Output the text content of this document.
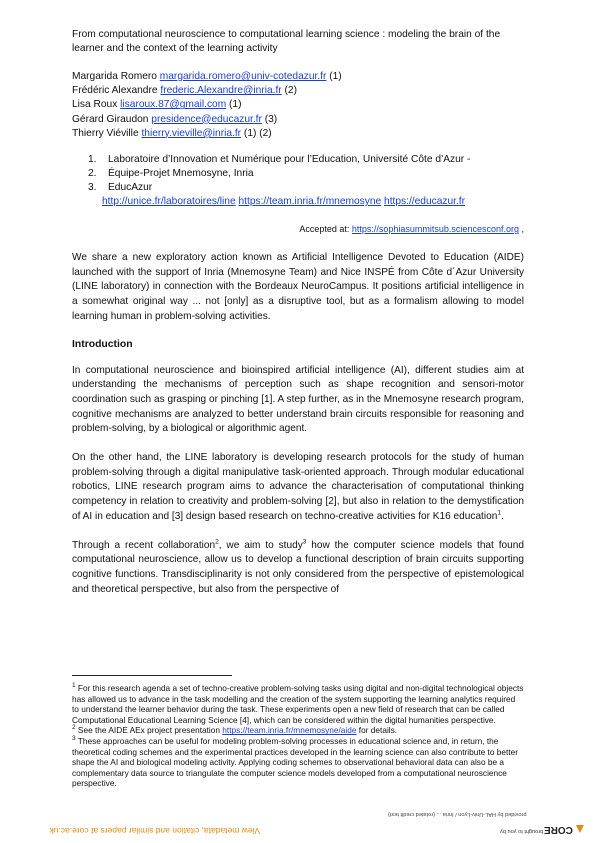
From computational neuroscience to computational learning science : modeling the brain of the learner and the context of the learning activity
Margarida Romero margarida.romero@univ-cotedazur.fr (1)
Frédéric Alexandre frederic.Alexandre@inria.fr (2)
Lisa Roux lisaroux.87@gmail.com (1)
Gérard Giraudon presidence@educazur.fr (3)
Thierry Viéville thierry.vieville@inria.fr (1) (2)
1. Laboratoire d’Innovation et Numérique pour l’Education, Université Côte d’Azur -
2. Équipe-Projet Mnemosyne, Inria
3. EducAzur
http://unice.fr/laboratoires/line https://team.inria.fr/mnemosyne https://educazur.fr
Accepted at: https://sophiasummitsub.sciencesconf.org ,

We share a new exploratory action known as Artificial Intelligence Devoted to Education (AIDE) launched with the support of Inria (Mnemosyne Team) and Nice INSPÉ from Côte d´Azur University (LINE laboratory) in connection with the Bordeaux NeuroCampus. It positions artificial intelligence in a somewhat original way ... not [only] as a disruptive tool, but as a formalism allowing to model learning human in problem-solving activities.

Introduction

In computational neuroscience and bioinspired artificial intelligence (AI), different studies aim at understanding the mechanisms of perception such as shape recognition and sensori-motor coordination such as grasping or pinching [1]. A step further, as in the Mnemosyne research program, cognitive mechanisms are analyzed to better understand brain circuits responsible for reasoning and problem-solving, by a biological or algorithmic agent.

On the other hand, the LINE laboratory is developing research protocols for the study of human problem-solving through a digital manipulative task-oriented approach. Through modular educational robotics, LINE research program aims to advance the characterisation of computational thinking competency in relation to creativity and problem-solving [2], but also in relation to the demystification of AI in education and [3] design based research on techno-creative activities for K16 education$^1$.

Through a recent collaboration$^2$, we aim to study$^3$ how the computer science models that found computational neuroscience, allow us to develop a functional description of brain circuits supporting cognitive functions. Transdisciplinarity is not only considered from the perspective of epistemological and theoretical perspective, but also from the perspective of

$^1$ For this research agenda a set of techno-creative problem-solving tasks using digital and non-digital technological objects has allowed us to advance in the task modelling and the creation of the system supporting the learning analytics required to understand the learner behavior during the task. These experiments open a new field of research that can be called Computational Educational Learning Science [4], which can be considered within the digital humanities perspective.

$^2$ See the AIDE AEx project presentation https://team.inria.fr/mnemosyne/aide for details.

$^3$ These approaches can be useful for modeling problem-solving processes in educational science and, in return, the theoretical coding schemes and the experimental practices developed in the learning science can also contribute to better shape the AI and biological modeling activity. Applying coding schemes to observational behavioral data can also be a complementary data source to triangulate the computer science models developed from a computational neuroscience perspective.

View metadata, citation and similar papers at core.ac.uk
provided by HAL-Univ-Lyon / Inria ... (rotated credit text)
brought to you by CORE
